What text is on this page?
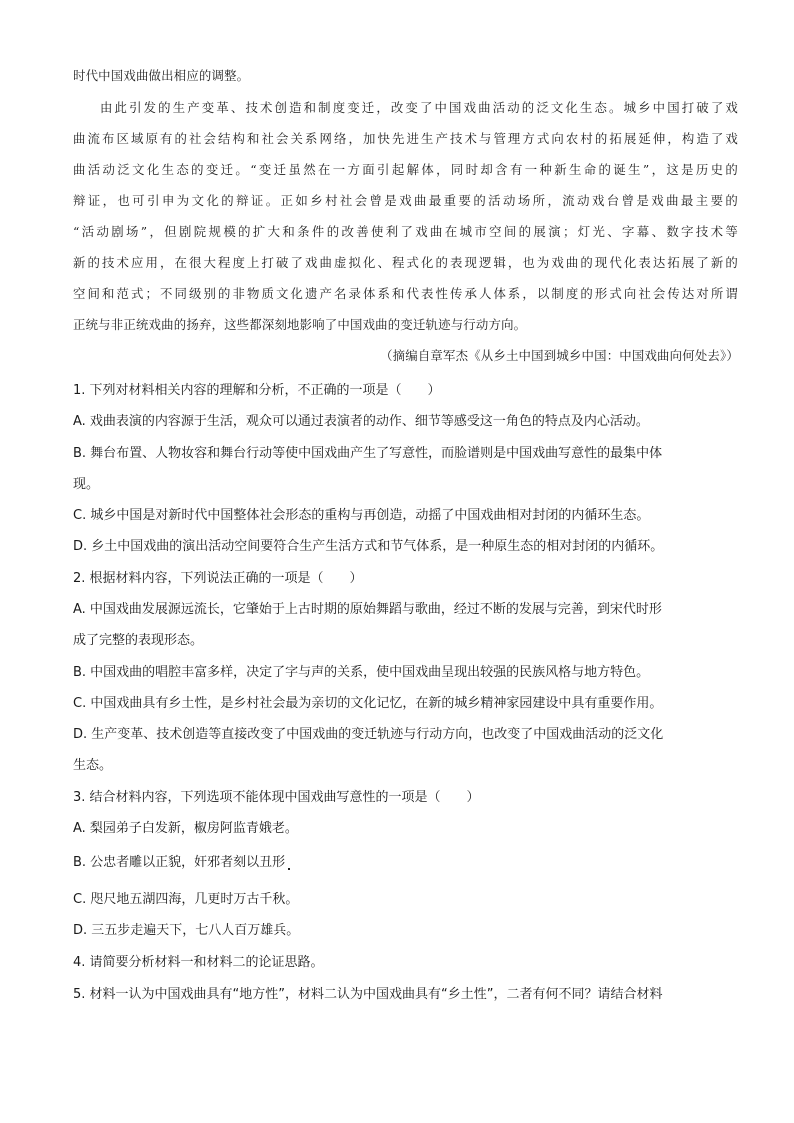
时代中国戏曲做出相应的调整。
由此引发的生产变革、技术创造和制度变迁，改变了中国戏曲活动的泛文化生态。城乡中国打破了戏
曲流布区域原有的社会结构和社会关系网络，加快先进生产技术与管理方式向农村的拓展延伸，构造了戏
曲活动泛文化生态的变迁。“变迁虽然在一方面引起解体，同时却含有一种新生命的诞生”，这是历史的
辩证，也可引申为文化的辩证。正如乡村社会曾是戏曲最重要的活动场所，流动戏台曾是戏曲最主要的
“活动剧场”，但剧院规模的扩大和条件的改善使利了戏曲在城市空间的展演；灯光、字幕、数字技术等
新的技术应用，在很大程度上打破了戏曲虚拟化、程式化的表现逻辑，也为戏曲的现代化表达拓展了新的
空间和范式；不同级别的非物质文化遗产名录体系和代表性传承人体系，以制度的形式向社会传达对所谓
正统与非正统戏曲的扬弃，这些都深刻地影响了中国戏曲的变迁轨迹与行动方向。
（摘编自章军杰《从乡土中国到城乡中国：中国戏曲向何处去》）
1. 下列对材料相关内容的理解和分析，不正确的一项是（　　）
A. 戏曲表演的内容源于生活，观众可以通过表演者的动作、细节等感受这一角色的特点及内心活动。
B. 舞台布置、人物妆容和舞台行动等使中国戏曲产生了写意性，而脸谱则是中国戏曲写意性的最集中体
现。
C. 城乡中国是对新时代中国整体社会形态的重构与再创造，动摇了中国戏曲相对封闭的内循环生态。
D. 乡土中国戏曲的演出活动空间要符合生产生活方式和节气体系，是一种原生态的相对封闭的内循环。
2. 根据材料内容，下列说法正确的一项是（　　）
A. 中国戏曲发展源远流长，它肇始于上古时期的原始舞蹈与歌曲，经过不断的发展与完善，到宋代时形
成了完整的表现形态。
B. 中国戏曲的唱腔丰富多样，决定了字与声的关系，使中国戏曲呈现出较强的民族风格与地方特色。
C. 中国戏曲具有乡土性，是乡村社会最为亲切的文化记忆，在新的城乡精神家园建设中具有重要作用。
D. 生产变革、技术创造等直接改变了中国戏曲的变迁轨迹与行动方向，也改变了中国戏曲活动的泛文化
生态。
3. 结合材料内容，下列选项不能体现中国戏曲写意性的一项是（　　）
A. 梨园弟子白发新，椒房阿监青娥老。
B. 公忠者雕以正貌，奸邪者刻以丑形
C. 咫尺地五湖四海，几更时万古千秋。
D. 三五步走遍天下，七八人百万雄兵。
4. 请简要分析材料一和材料二的论证思路。
5. 材料一认为中国戏曲具有“地方性”，材料二认为中国戏曲具有“乡土性”，二者有何不同？请结合材料
